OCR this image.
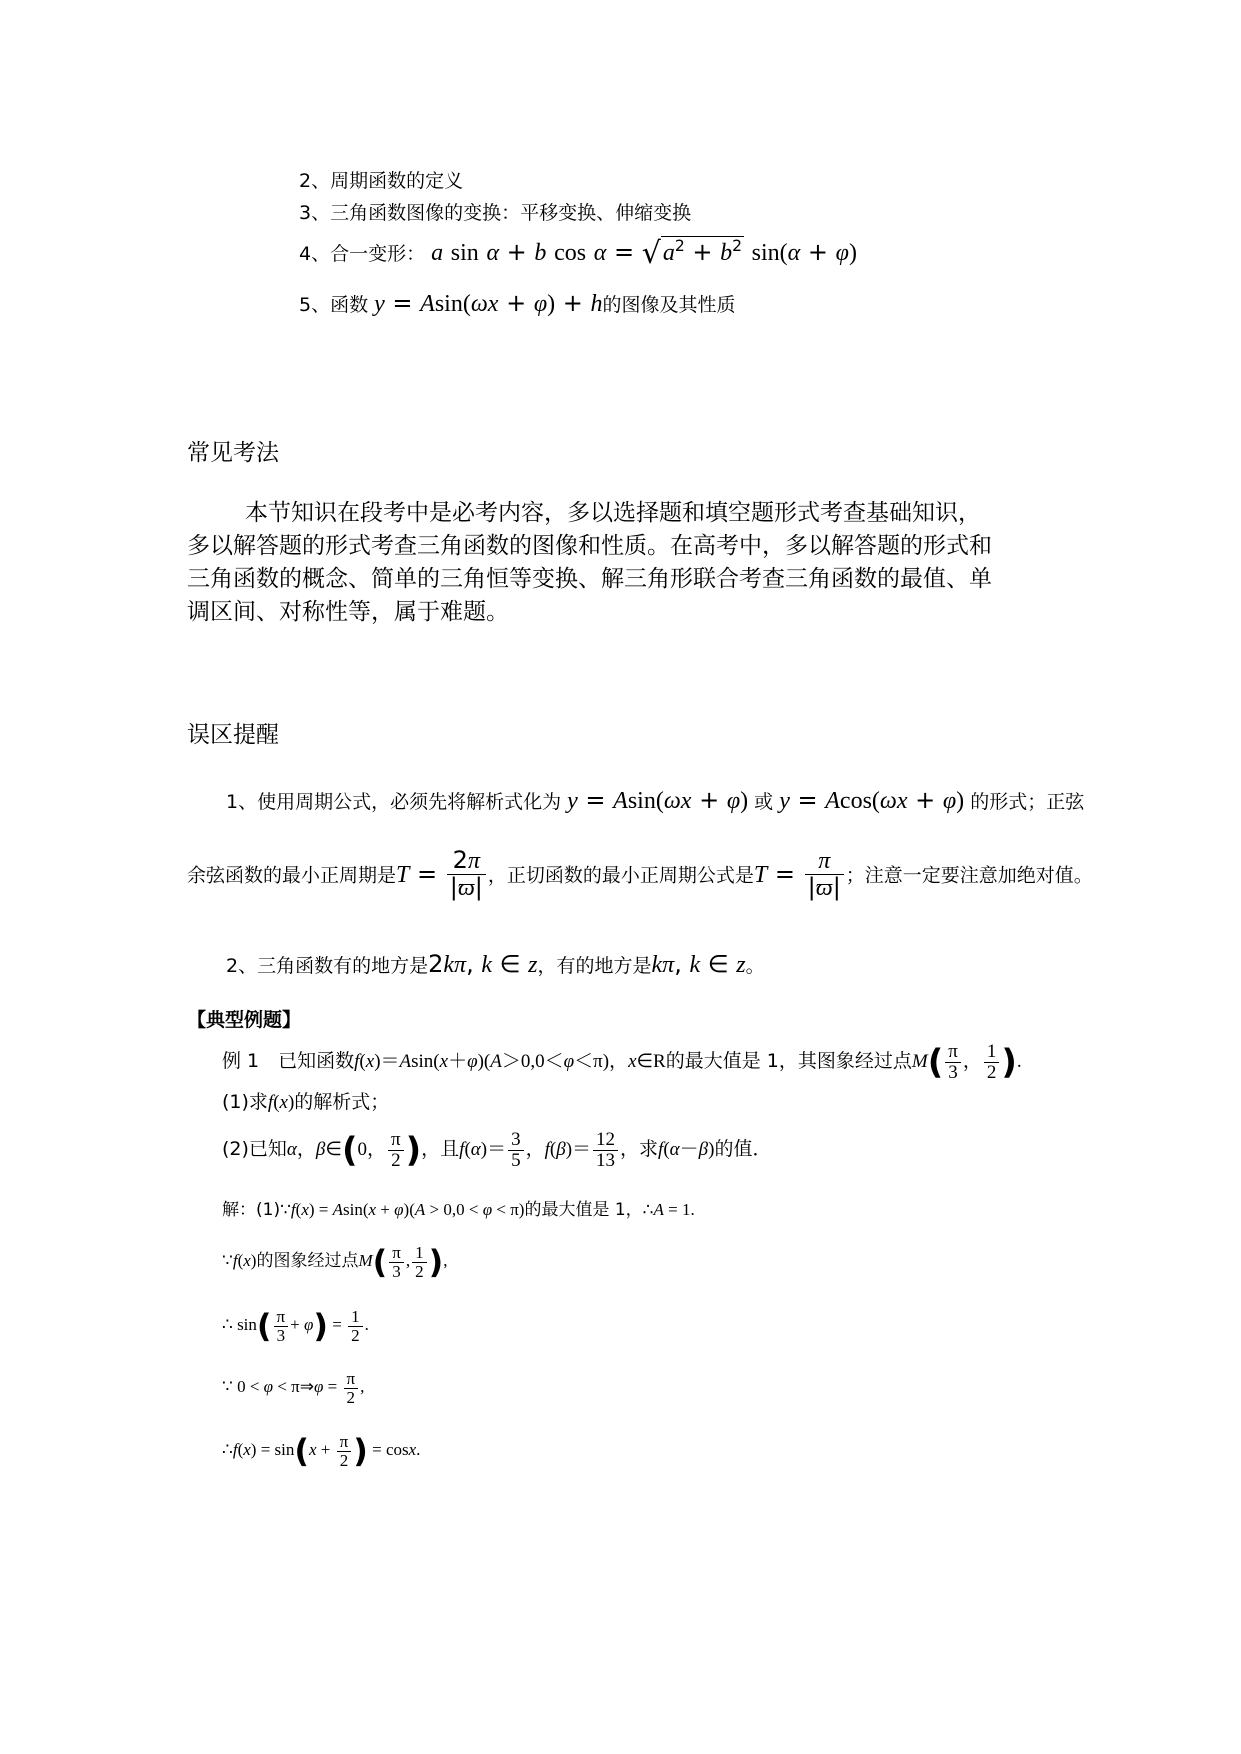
2、周期函数的定义
3、三角函数图像的变换：平移变换、伸缩变换
4、合一变形： a sin α + b $\cos \alpha = √a^2 + b^2$ sin(α + φ)
5、函数 y = Asin(ωx + φ) + h的图像及其性质
常见考法
本节知识在段考中是必考内容，多以选择题和填空题形式考查基础知识，
多以解答题的形式考查三角函数的图像和性质。在高考中，多以解答题的形式和
三角函数的概念、简单的三角恒等变换、解三角形联合考查三角函数的最值、单
调区间、对称性等，属于难题。
误区提醒
1、使用周期公式，必须先将解析式化为 y = Asin(ωx + φ) 或 y = Acos(ωx + φ) 的形式；正弦
余弦函数的最小正周期是$T = \frac{2\pi}{|ϖ|}$ ，正切函数的最小正周期公式是$T = \frac{\pi}{|ϖ|}$ ；注意一定要注意加绝对值。
2、三角函数有的地方是2kπ, k ∈ z，有的地方是kπ, k ∈ z。
【典型例题】
例 1　已知函数f(x)＝Asin(x＋φ)(A＞0,0＜φ＜π)，x∈R的最大值是 1，其图象经过点$M( \frac{\pi}{3}$ ， $\frac{1}{2}$ ).
(1)求f(x)的解析式；
(2)已知α，β∈(0， $\frac{\pi}{2}$ )，且$f(\alpha)= \frac{3}{5}$ ，$f(\beta)= \frac{12}{13}$ ，求f(α－β)的值．
解：(1)∵f(x) = Asin(x + φ)(A > 0,0 < φ < π)的最大值是 1，∴A = 1.
∵f(x)的图象经过点$M( \frac{\pi}{3}$ , $\frac{1}{2}$ ),
∴ $\sin( \frac{\pi}{3} + \varphi) = \frac{1}{2}$ .
∵ 0 < φ < π⇒φ = $\frac{\pi}{2}$ ,
∴f(x) = $\sin(x + \frac{\pi}{2}$ ) = cosx.
